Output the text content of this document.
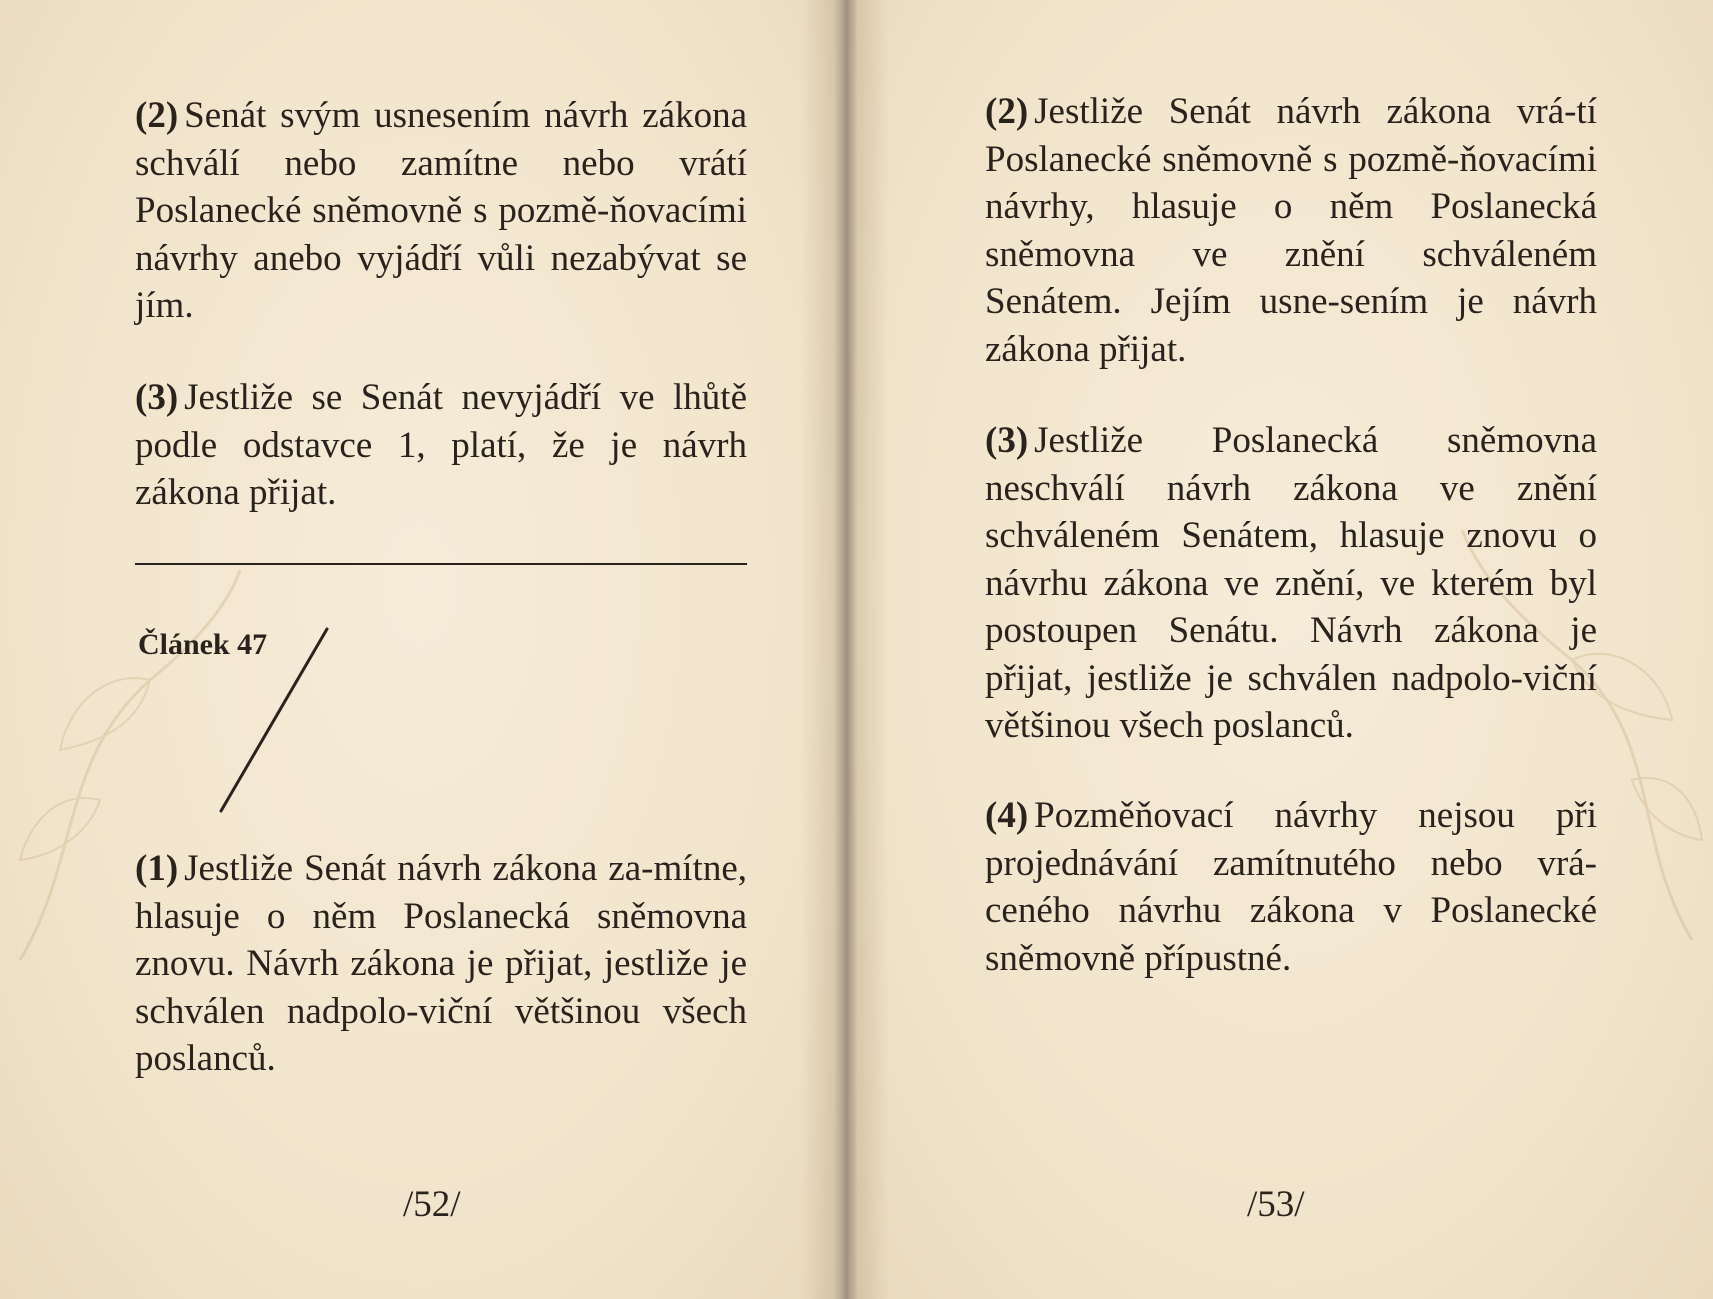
(2) Senát svým usnesením návrh zákona schválí nebo zamítne nebo vrátí Poslanecké sněmovně s pozmě-ňovacími návrhy anebo vyjádří vůli nezabývat se jím.

(3) Jestliže se Senát nevyjádří ve lhůtě podle odstavce 1, platí, že je návrh zákona přijat.

Článek 47

(1) Jestliže Senát návrh zákona za-mítne, hlasuje o něm Poslanecká sněmovna znovu. Návrh zákona je přijat, jestliže je schválen nadpolo-viční většinou všech poslanců.

/52/

(2) Jestliže Senát návrh zákona vrá-tí Poslanecké sněmovně s pozmě-ňovacími návrhy, hlasuje o něm Poslanecká sněmovna ve znění schváleném Senátem. Jejím usne-sením je návrh zákona přijat.

(3) Jestliže Poslanecká sněmovna neschválí návrh zákona ve znění schváleném Senátem, hlasuje znovu o návrhu zákona ve znění, ve kterém byl postoupen Senátu. Návrh zákona je přijat, jestliže je schválen nadpolo-viční většinou všech poslanců.

(4) Pozměňovací návrhy nejsou při projednávání zamítnutého nebo vrá-ceného návrhu zákona v Poslanecké sněmovně přípustné.

/53/
